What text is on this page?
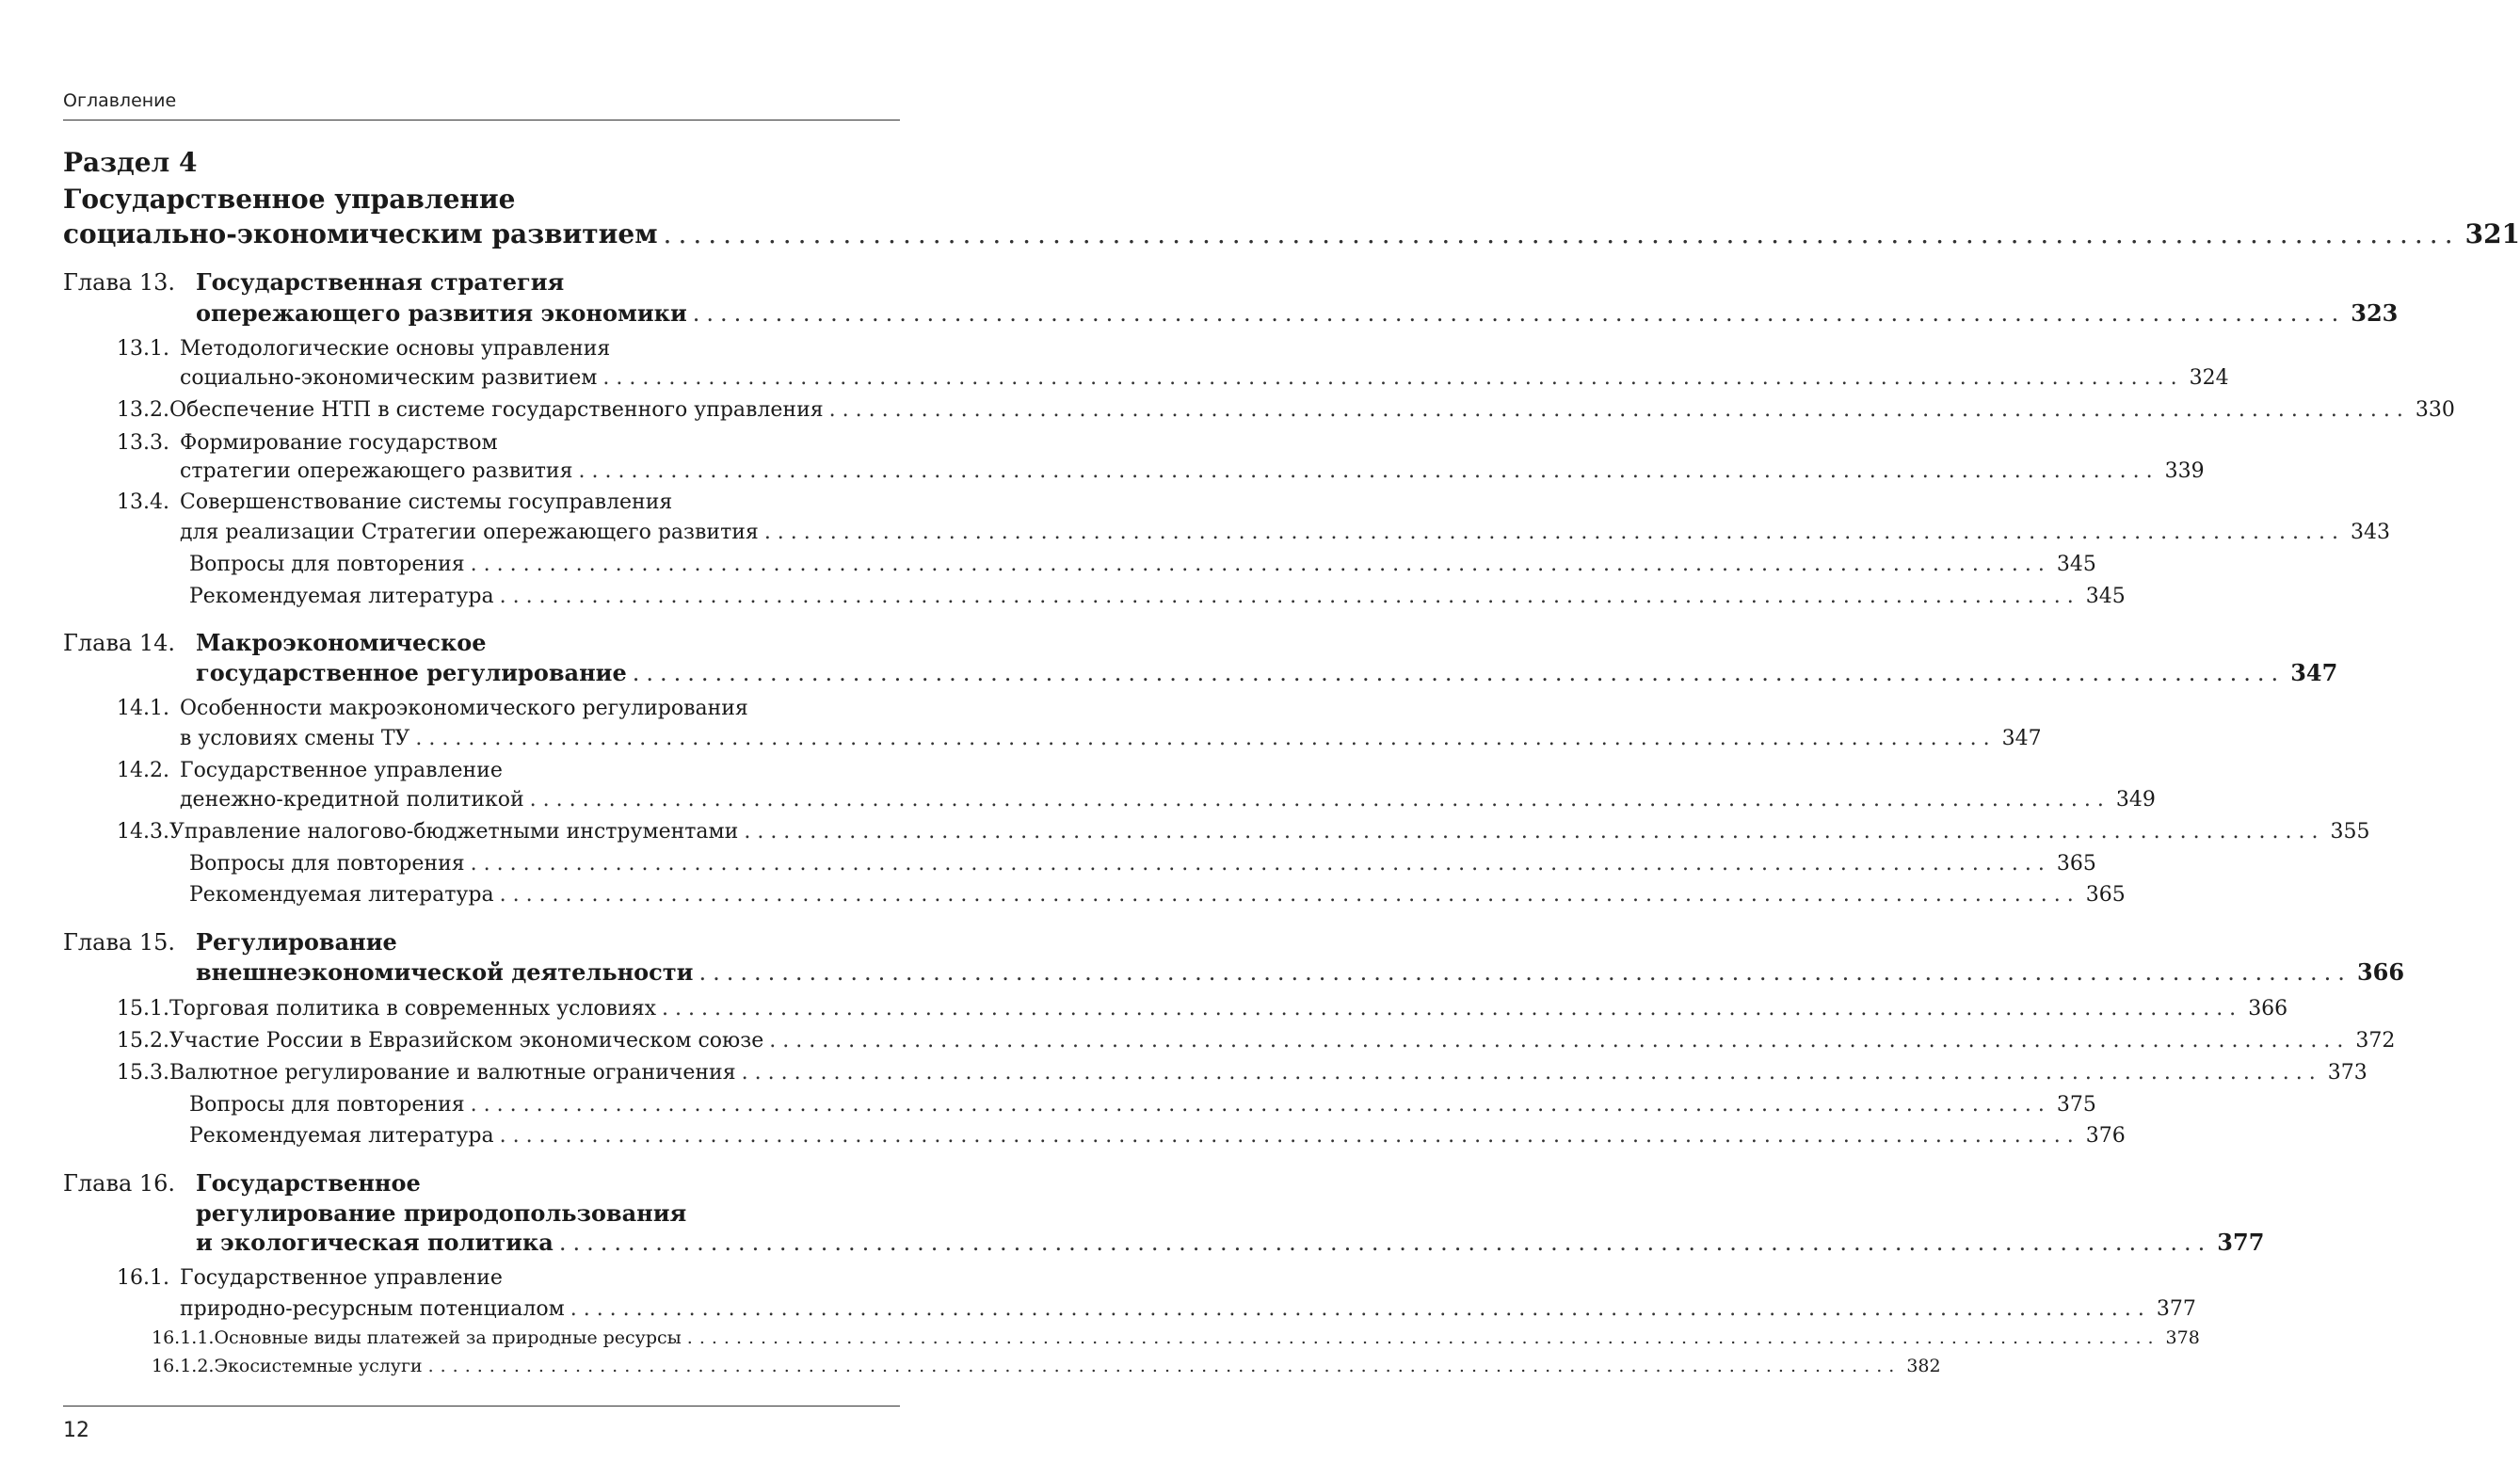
Оглавление
Раздел 4
Государственное управление
социально-экономическим развитием ........................................................................................................................ 321
Глава 13. Государственная стратегия
опережающего развития экономики ........................................................................................................................ 323
13.1. Методологические основы управления
социально-экономическим развитием ........................................................................................................................ 324
13.2. Обеспечение НТП в системе государственного управления ........................................................................................................................ 330
13.3. Формирование государством
стратегии опережающего развития ........................................................................................................................ 339
13.4. Совершенствование системы госуправления
для реализации Стратегии опережающего развития ........................................................................................................................ 343
Вопросы для повторения ........................................................................................................................ 345
Рекомендуемая литература ........................................................................................................................ 345
Глава 14. Макроэкономическое
государственное регулирование ........................................................................................................................ 347
14.1. Особенности макроэкономического регулирования
в условиях смены ТУ ........................................................................................................................ 347
14.2. Государственное управление
денежно-кредитной политикой ........................................................................................................................ 349
14.3. Управление налогово-бюджетными инструментами ........................................................................................................................ 355
Вопросы для повторения ........................................................................................................................ 365
Рекомендуемая литература ........................................................................................................................ 365
Глава 15. Регулирование
внешнеэкономической деятельности ........................................................................................................................ 366
15.1. Торговая политика в современных условиях ........................................................................................................................ 366
15.2. Участие России в Евразийском экономическом союзе ........................................................................................................................ 372
15.3. Валютное регулирование и валютные ограничения ........................................................................................................................ 373
Вопросы для повторения ........................................................................................................................ 375
Рекомендуемая литература ........................................................................................................................ 376
Глава 16. Государственное
регулирование природопользования
и экологическая политика ........................................................................................................................ 377
16.1. Государственное управление
природно-ресурсным потенциалом ........................................................................................................................ 377
16.1.1. Основные виды платежей за природные ресурсы ........................................................................................................................ 378
16.1.2. Экосистемные услуги ........................................................................................................................ 382
12
